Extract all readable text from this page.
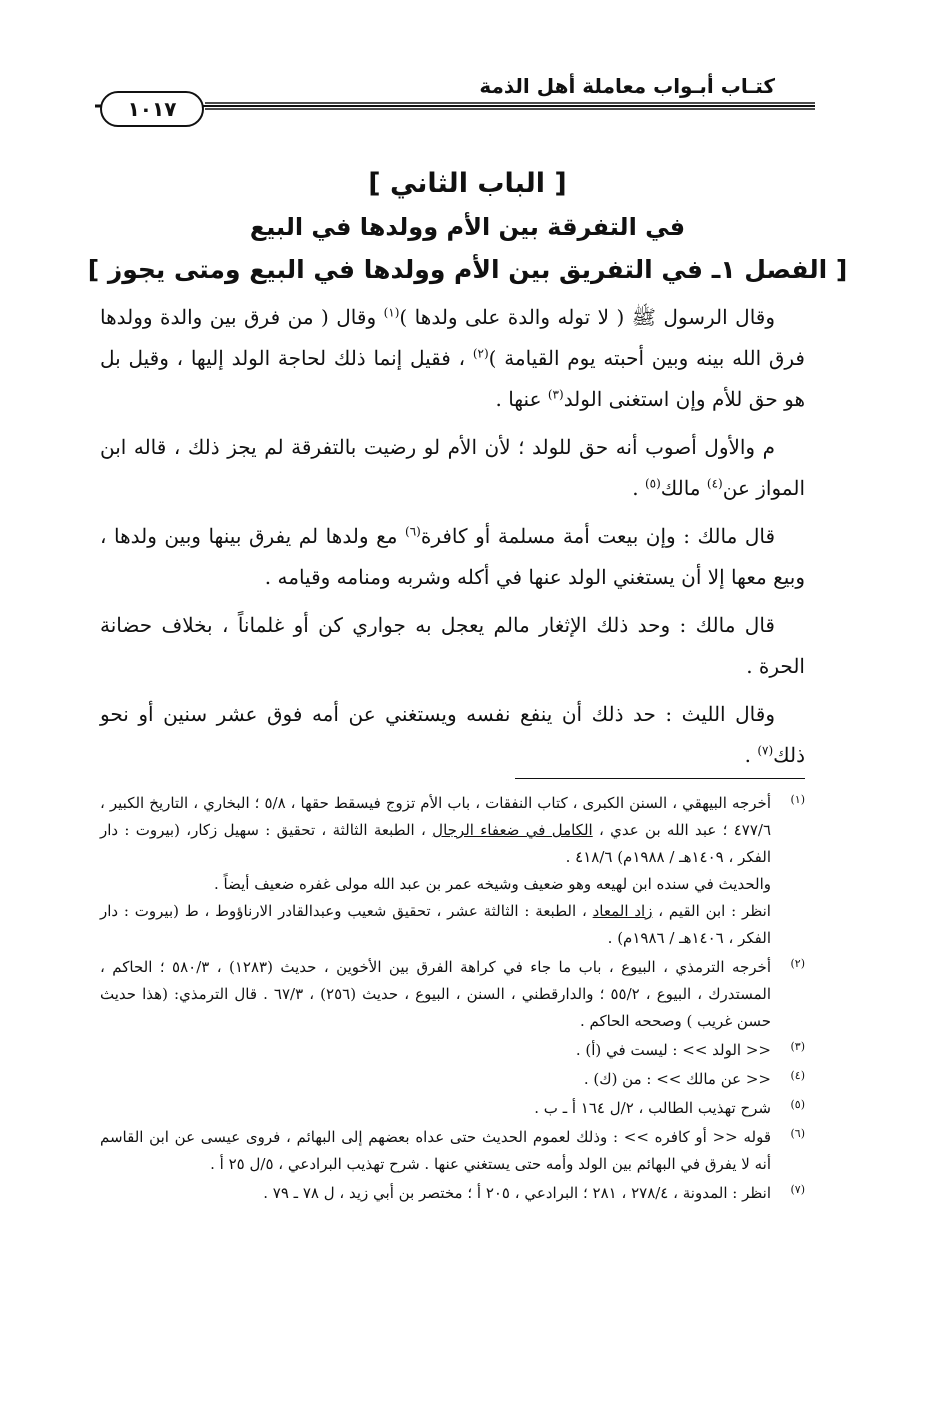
كتـاب أبـواب معاملة أهل الذمة
١٠١٧
[ الباب الثاني ]
في التفرقة بين الأم وولدها في البيع
[ الفصل ١ـ في التفريق بين الأم وولدها في البيع ومتى يجوز ]

وقال الرسول ﷺ ( لا توله والدة على ولدها )$^{(١)}$ وقال ( من فرق بين والدة وولدها فرق الله بينه وبين أحبته يوم القيامة )$^{(٢)}$ ، فقيل إنما ذلك لحاجة الولد إليها ، وقيل بل هو حق للأم وإن استغنى الولد$^{(٣)}$ عنها .

م والأول أصوب أنه حق للولد ؛ لأن الأم لو رضيت بالتفرقة لم يجز ذلك ، قاله ابن المواز عن$^{(٤)}$ مالك$^{(٥)}$ .

قال مالك : وإن بيعت أمة مسلمة أو كافرة$^{(٦)}$ مع ولدها لم يفرق بينها وبين ولدها ، وبيع معها إلا أن يستغني الولد عنها في أكله وشربه ومنامه وقيامه .

قال مالك : وحد ذلك الإثغار مالم يعجل به جواري كن أو غلماناً ، بخلاف حضانة الحرة .

وقال الليث : حد ذلك أن ينفع نفسه ويستغني عن أمه فوق عشر سنين أو نحو ذلك$^{(٧)}$ .

(١)

أخرجه البيهقي ، السنن الكبرى ، كتاب النفقات ، باب الأم تزوج فيسقط حقها ، ٥/٨ ؛ البخاري ، التاريخ الكبير ، ٤٧٧/٦ ؛ عبد الله بن عدي ، الكامل في ضعفاء الرجال ، الطبعة الثالثة ، تحقيق : سهيل زكار، (بيروت : دار الفكر ، ١٤٠٩هـ / ١٩٨٨م) ٤١٨/٦ .

والحديث في سنده ابن لهيعه وهو ضعيف وشيخه عمر بن عبد الله مولى غفره ضعيف أيضاً .

انظر : ابن القيم ، زاد المعاد ، الطبعة : الثالثة عشر ، تحقيق شعيب وعبدالقادر الارناؤوط ، ط (بيروت : دار الفكر ، ١٤٠٦هـ / ١٩٨٦م) .

(٢)

أخرجه الترمذي ، البيوع ، باب ما جاء في كراهة الفرق بين الأخوين ، حديث (١٢٨٣) ، ٥٨٠/٣ ؛ الحاكم ، المستدرك ، البيوع ، ٥٥/٢ ؛ والدارقطني ، السنن ، البيوع ، حديث (٢٥٦) ، ٦٧/٣ . قال الترمذي: (هذا حديث حسن غريب ) وصححه الحاكم .

(٣)

<< الولد >> : ليست في (أ) .

(٤)

<< عن مالك >> : من (ك) .

(٥)

شرح تهذيب الطالب ، ٢/ل ١٦٤ أ ـ ب .

(٦)

قوله << أو كافره >> : وذلك لعموم الحديث حتى عداه بعضهم إلى البهائم ، فروى عيسى عن ابن القاسم أنه لا يفرق في البهائم بين الولد وأمه حتى يستغني عنها . شرح تهذيب البرادعي ، ٥/ل ٢٥ أ .

(٧)

انظر : المدونة ، ٢٧٨/٤ ، ٢٨١ ؛ البرادعي ، ٢٠٥ أ ؛ مختصر بن أبي زيد ، ل ٧٨ ـ ٧٩ .
